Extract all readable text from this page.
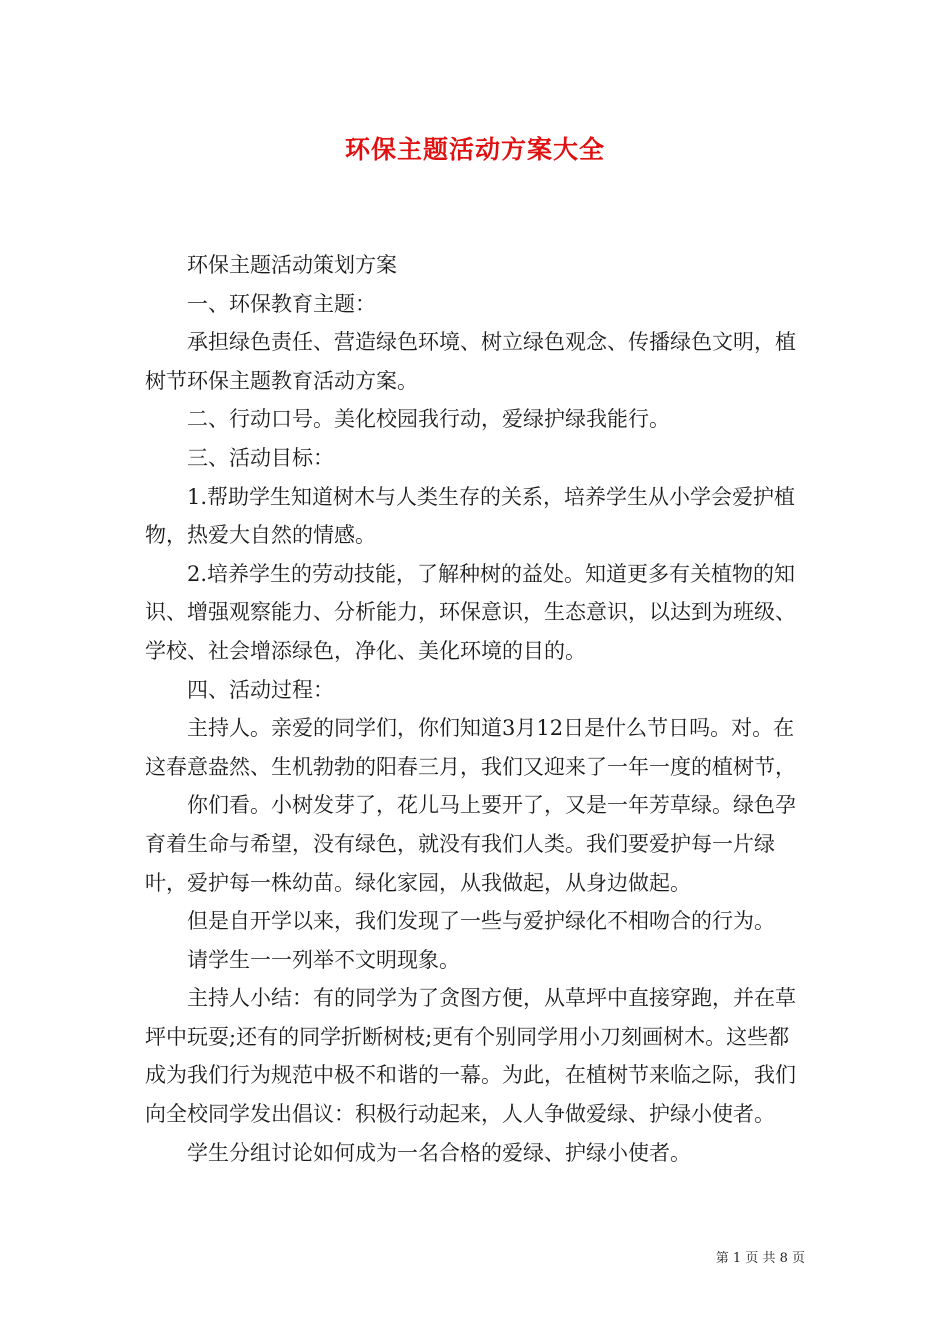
环保主题活动方案大全

环保主题活动策划方案

一、环保教育主题：

承担绿色责任、营造绿色环境、树立绿色观念、传播绿色文明，植树节环保主题教育活动方案。

二、行动口号。美化校园我行动，爱绿护绿我能行。

三、活动目标：

1.帮助学生知道树木与人类生存的关系，培养学生从小学会爱护植物，热爱大自然的情感。

2.培养学生的劳动技能，了解种树的益处。知道更多有关植物的知识、增强观察能力、分析能力，环保意识，生态意识，以达到为班级、学校、社会增添绿色，净化、美化环境的目的。

四、活动过程：

主持人。亲爱的同学们，你们知道3月12日是什么节日吗。对。在这春意盎然、生机勃勃的阳春三月，我们又迎来了一年一度的植树节，

你们看。小树发芽了，花儿马上要开了，又是一年芳草绿。绿色孕育着生命与希望，没有绿色，就没有我们人类。我们要爱护每一片绿叶，爱护每一株幼苗。绿化家园，从我做起，从身边做起。

但是自开学以来，我们发现了一些与爱护绿化不相吻合的行为。

请学生一一列举不文明现象。

主持人小结：有的同学为了贪图方便，从草坪中直接穿跑，并在草坪中玩耍;还有的同学折断树枝;更有个别同学用小刀刻画树木。这些都成为我们行为规范中极不和谐的一幕。为此，在植树节来临之际，我们向全校同学发出倡议：积极行动起来，人人争做爱绿、护绿小使者。

学生分组讨论如何成为一名合格的爱绿、护绿小使者。

第 1 页 共 8 页
